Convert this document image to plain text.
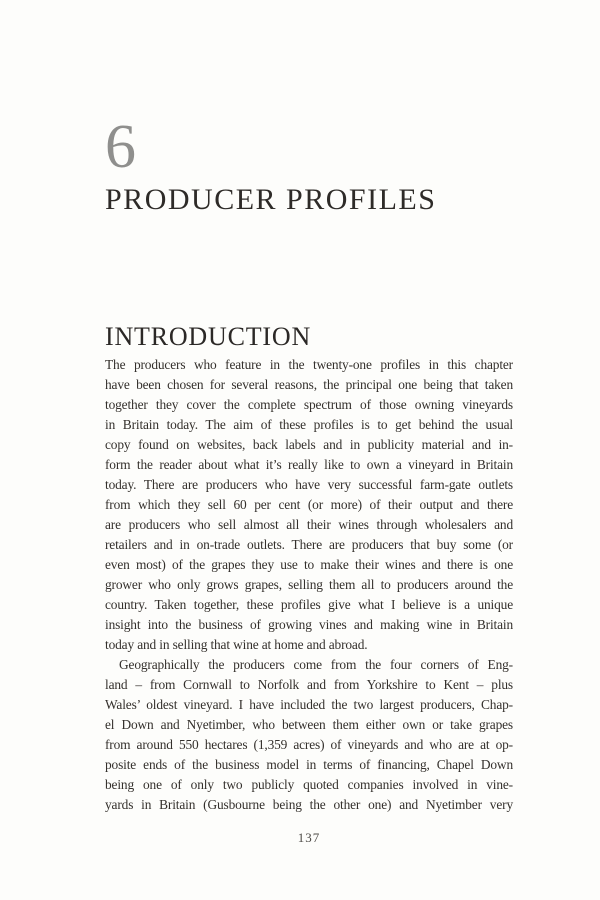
6
PRODUCER PROFILES
INTRODUCTION
The producers who feature in the twenty-one profiles in this chapter
have been chosen for several reasons, the principal one being that taken
together they cover the complete spectrum of those owning vineyards
in Britain today. The aim of these profiles is to get behind the usual
copy found on websites, back labels and in publicity material and in-
form the reader about what it’s really like to own a vineyard in Britain
today. There are producers who have very successful farm-gate outlets
from which they sell 60 per cent (or more) of their output and there
are producers who sell almost all their wines through wholesalers and
retailers and in on-trade outlets. There are producers that buy some (or
even most) of the grapes they use to make their wines and there is one
grower who only grows grapes, selling them all to producers around the
country. Taken together, these profiles give what I believe is a unique
insight into the business of growing vines and making wine in Britain
today and in selling that wine at home and abroad.
Geographically the producers come from the four corners of Eng-
land – from Cornwall to Norfolk and from Yorkshire to Kent – plus
Wales’ oldest vineyard. I have included the two largest producers, Chap-
el Down and Nyetimber, who between them either own or take grapes
from around 550 hectares (1,359 acres) of vineyards and who are at op-
posite ends of the business model in terms of financing, Chapel Down
being one of only two publicly quoted companies involved in vine-
yards in Britain (Gusbourne being the other one) and Nyetimber very
137
